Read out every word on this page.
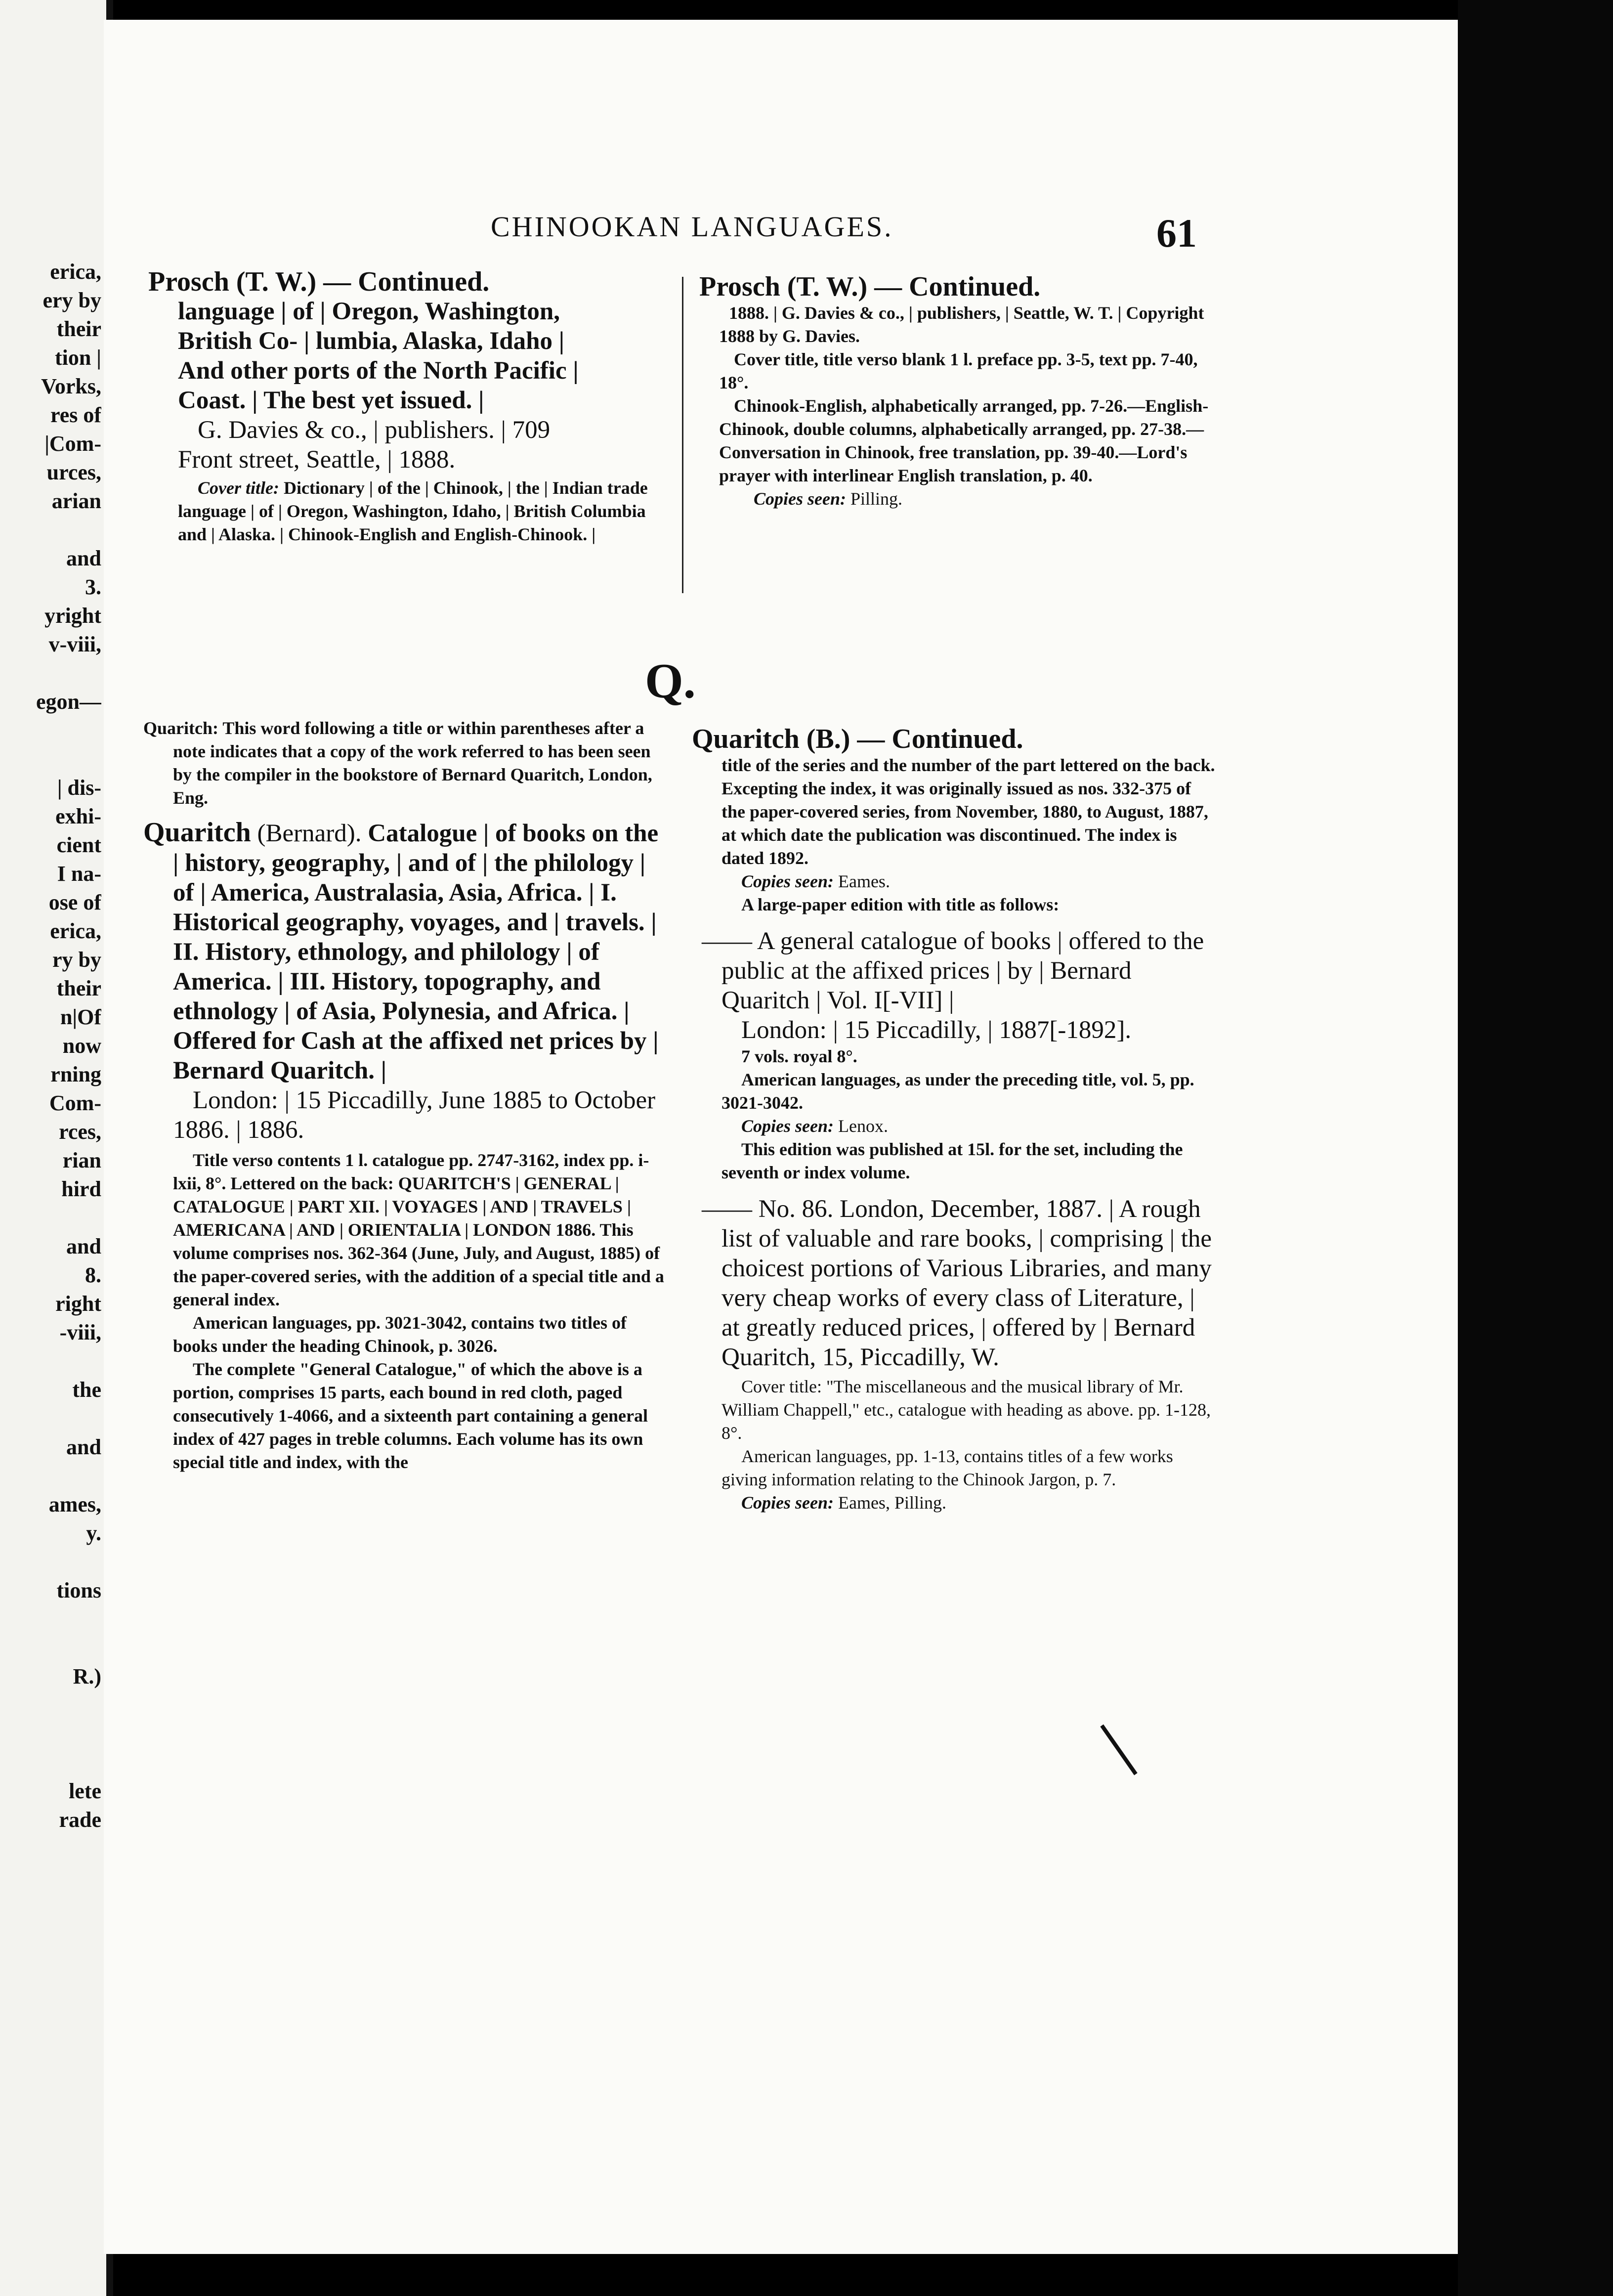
erica,
ery by
their
tion |
Vorks,
res of
|Com-
urces,
arian
and
3.
yright
v-viii,
egon—
| dis-
exhi-
cient
I na-
ose of
erica,
ry by
their
n|Of
now
rning
Com-
rces,
rian
hird
and
8.
right
-viii,
the
and
ames,
y.
tions
R.)
lete
rade
CHINOOKAN LANGUAGES.	61
Prosch (T. W.) — Continued.
language | of | Oregon, Washington,
British Co- | lumbia, Alaska, Idaho |
And other ports of the North Pacific |
Coast. | The best yet issued. |
G. Davies & co., | publishers. | 709
Front street, Seattle, | 1888.
Cover title: Dictionary | of the | Chinook, | the | Indian trade language | of | Oregon, Washington, Idaho, | British Columbia and | Alaska. | Chinook-English and English-Chinook. |
Prosch (T. W.) — Continued.
1888. | G. Davies & co., | publishers, | Seattle, W. T. | Copyright 1888 by G. Davies.
Cover title, title verso blank 1 l. preface pp. 3-5, text pp. 7-40, 18°.
Chinook-English, alphabetically arranged, pp. 7-26.—English-Chinook, double columns, alphabetically arranged, pp. 27-38.—Conversation in Chinook, free translation, pp. 39-40.—Lord's prayer with interlinear English translation, p. 40.
Copies seen: Pilling.
Q.
Quaritch: This word following a title or within parentheses after a note indicates that a copy of the work referred to has been seen by the compiler in the bookstore of Bernard Quaritch, London, Eng.
Quaritch (Bernard). Catalogue | of books on the | history, geography, | and of | the philology | of | America, Australasia, Asia, Africa. | I. Historical geography, voyages, and | travels. | II. History, ethnology, and philology | of America. | III. History, topography, and ethnology | of Asia, Polynesia, and Africa. | Offered for Cash at the affixed net prices by | Bernard Quaritch. |
London: | 15 Piccadilly, June 1885 to October 1886. | 1886.
Title verso contents 1 l. catalogue pp. 2747-3162, index pp. i-lxii, 8°. Lettered on the back: QUARITCH'S | GENERAL | CATALOGUE | PART XII. | VOYAGES | AND | TRAVELS | AMERICANA | AND | ORIENTALIA | LONDON 1886. This volume comprises nos. 362-364 (June, July, and August, 1885) of the paper-covered series, with the addition of a special title and a general index.
American languages, pp. 3021-3042, contains two titles of books under the heading Chinook, p. 3026.
The complete "General Catalogue," of which the above is a portion, comprises 15 parts, each bound in red cloth, paged consecutively 1-4066, and a sixteenth part containing a general index of 427 pages in treble columns. Each volume has its own special title and index, with the
Quaritch (B.) — Continued.
title of the series and the number of the part lettered on the back. Excepting the index, it was originally issued as nos. 332-375 of the paper-covered series, from November, 1880, to August, 1887, at which date the publication was discontinued. The index is dated 1892.
Copies seen: Eames.
A large-paper edition with title as follows:
—— A general catalogue of books | offered to the public at the affixed prices | by | Bernard Quaritch | Vol. I[-VII] |
London: | 15 Piccadilly, | 1887[-1892].
7 vols. royal 8°.
American languages, as under the preceding title, vol. 5, pp. 3021-3042.
Copies seen: Lenox.
This edition was published at 15l. for the set, including the seventh or index volume.
—— No. 86. London, December, 1887. | A rough list of valuable and rare books, | comprising | the choicest portions of Various Libraries, and many very cheap works of every class of Literature, | at greatly reduced prices, | offered by | Bernard Quaritch, 15, Piccadilly, W.
Cover title: "The miscellaneous and the musical library of Mr. William Chappell," etc., catalogue with heading as above. pp. 1-128, 8°.
American languages, pp. 1-13, contains titles of a few works giving information relating to the Chinook Jargon, p. 7.
Copies seen: Eames, Pilling.
